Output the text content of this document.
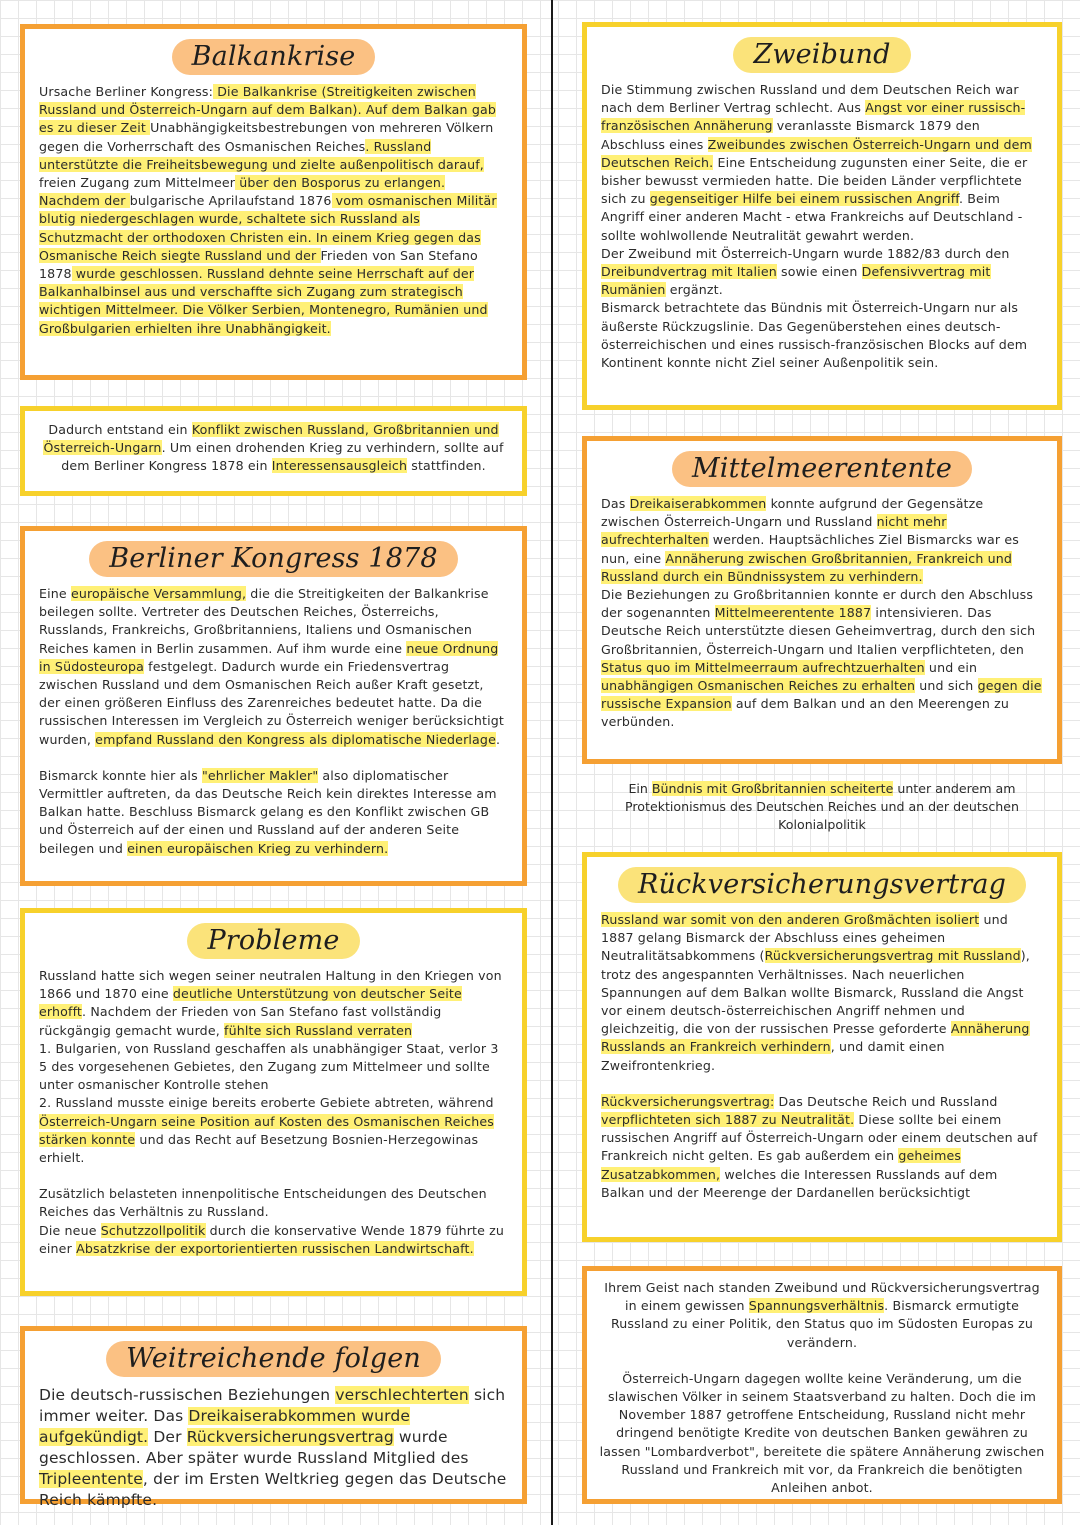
Balkankrise

Ursache Berliner Kongress: Die Balkankrise (Streitigkeiten zwischen Russland und Österreich-Ungarn auf dem Balkan). Auf dem Balkan gab es zu dieser Zeit Unabhängigkeitsbestrebungen von mehreren Völkern gegen die Vorherrschaft des Osmanischen Reiches. Russland unterstützte die Freiheitsbewegung und zielte außenpolitisch darauf, freien Zugang zum Mittelmeer über den Bosporus zu erlangen. Nachdem der bulgarische Aprilaufstand 1876 vom osmanischen Militär blutig niedergeschlagen wurde, schaltete sich Russland als Schutzmacht der orthodoxen Christen ein. In einem Krieg gegen das Osmanische Reich siegte Russland und der Frieden von San Stefano 1878 wurde geschlossen. Russland dehnte seine Herrschaft auf der Balkanhalbinsel aus und verschaffte sich Zugang zum strategisch wichtigen Mittelmeer. Die Völker Serbien, Montenegro, Rumänien und Großbulgarien erhielten ihre Unabhängigkeit.

Dadurch entstand ein Konflikt zwischen Russland, Großbritannien und Österreich-Ungarn. Um einen drohenden Krieg zu verhindern, sollte auf dem Berliner Kongress 1878 ein Interessensausgleich stattfinden.

Berliner Kongress 1878

Eine europäische Versammlung, die die Streitigkeiten der Balkankrise beilegen sollte. Vertreter des Deutschen Reiches, Österreichs, Russlands, Frankreichs, Großbritanniens, Italiens und Osmanischen Reiches kamen in Berlin zusammen. Auf ihm wurde eine neue Ordnung in Südosteuropa festgelegt. Dadurch wurde ein Friedensvertrag zwischen Russland und dem Osmanischen Reich außer Kraft gesetzt, der einen größeren Einfluss des Zarenreiches bedeutet hatte. Da die russischen Interessen im Vergleich zu Österreich weniger berücksichtigt wurden, empfand Russland den Kongress als diplomatische Niederlage.

Bismarck konnte hier als "ehrlicher Makler" also diplomatischer Vermittler auftreten, da das Deutsche Reich kein direktes Interesse am Balkan hatte. Beschluss Bismarck gelang es den Konflikt zwischen GB und Österreich auf der einen und Russland auf der anderen Seite beilegen und einen europäischen Krieg zu verhindern.

Probleme

Russland hatte sich wegen seiner neutralen Haltung in den Kriegen von 1866 und 1870 eine deutliche Unterstützung von deutscher Seite erhofft. Nachdem der Frieden von San Stefano fast vollständig rückgängig gemacht wurde, fühlte sich Russland verraten

1. Bulgarien, von Russland geschaffen als unabhängiger Staat, verlor 3 5 des vorgesehenen Gebietes, den Zugang zum Mittelmeer und sollte unter osmanischer Kontrolle stehen

2. Russland musste einige bereits eroberte Gebiete abtreten, während Österreich-Ungarn seine Position auf Kosten des Osmanischen Reiches stärken konnte und das Recht auf Besetzung Bosnien-Herzegowinas erhielt.

Zusätzlich belasteten innenpolitische Entscheidungen des Deutschen Reiches das Verhältnis zu Russland.

Die neue Schutzzollpolitik durch die konservative Wende 1879 führte zu einer Absatzkrise der exportorientierten russischen Landwirtschaft.

Weitreichende folgen

Die deutsch-russischen Beziehungen verschlechterten sich immer weiter. Das Dreikaiserabkommen wurde aufgekündigt. Der Rückversicherungsvertrag wurde geschlossen. Aber später wurde Russland Mitglied des Tripleentente, der im Ersten Weltkrieg gegen das Deutsche Reich kämpfte.

Zweibund

Die Stimmung zwischen Russland und dem Deutschen Reich war nach dem Berliner Vertrag schlecht. Aus Angst vor einer russisch-französischen Annäherung veranlasste Bismarck 1879 den Abschluss eines Zweibundes zwischen Österreich-Ungarn und dem Deutschen Reich. Eine Entscheidung zugunsten einer Seite, die er bisher bewusst vermieden hatte. Die beiden Länder verpflichtete sich zu gegenseitiger Hilfe bei einem russischen Angriff. Beim Angriff einer anderen Macht - etwa Frankreichs auf Deutschland - sollte wohlwollende Neutralität gewahrt werden.

Der Zweibund mit Österreich-Ungarn wurde 1882/83 durch den Dreibundvertrag mit Italien sowie einen Defensivvertrag mit Rumänien ergänzt.

Bismarck betrachtete das Bündnis mit Österreich-Ungarn nur als äußerste Rückzugslinie. Das Gegenüberstehen eines deutsch-österreichischen und eines russisch-französischen Blocks auf dem Kontinent konnte nicht Ziel seiner Außenpolitik sein.

Mittelmeerentente

Das Dreikaiserabkommen konnte aufgrund der Gegensätze zwischen Österreich-Ungarn und Russland nicht mehr aufrechterhalten werden. Hauptsächliches Ziel Bismarcks war es nun, eine Annäherung zwischen Großbritannien, Frankreich und Russland durch ein Bündnissystem zu verhindern.

Die Beziehungen zu Großbritannien konnte er durch den Abschluss der sogenannten Mittelmeerentente 1887 intensivieren. Das Deutsche Reich unterstützte diesen Geheimvertrag, durch den sich Großbritannien, Österreich-Ungarn und Italien verpflichteten, den Status quo im Mittelmeerraum aufrechtzuerhalten und ein unabhängigen Osmanischen Reiches zu erhalten und sich gegen die russische Expansion auf dem Balkan und an den Meerengen zu verbünden.

Ein Bündnis mit Großbritannien scheiterte unter anderem am Protektionismus des Deutschen Reiches und an der deutschen Kolonialpolitik

Rückversicherungsvertrag

Russland war somit von den anderen Großmächten isoliert und 1887 gelang Bismarck der Abschluss eines geheimen Neutralitätsabkommens (Rückversicherungsvertrag mit Russland), trotz des angespannten Verhältnisses. Nach neuerlichen Spannungen auf dem Balkan wollte Bismarck, Russland die Angst vor einem deutsch-österreichischen Angriff nehmen und gleichzeitig, die von der russischen Presse geforderte Annäherung Russlands an Frankreich verhindern, und damit einen Zweifrontenkrieg.

Rückversicherungsvertrag: Das Deutsche Reich und Russland verpflichteten sich 1887 zu Neutralität. Diese sollte bei einem russischen Angriff auf Österreich-Ungarn oder einem deutschen auf Frankreich nicht gelten. Es gab außerdem ein geheimes Zusatzabkommen, welches die Interessen Russlands auf dem Balkan und der Meerenge der Dardanellen berücksichtigt

Ihrem Geist nach standen Zweibund und Rückversicherungsvertrag in einem gewissen Spannungsverhältnis. Bismarck ermutigte Russland zu einer Politik, den Status quo im Südosten Europas zu verändern.

Österreich-Ungarn dagegen wollte keine Veränderung, um die slawischen Völker in seinem Staatsverband zu halten. Doch die im November 1887 getroffene Entscheidung, Russland nicht mehr dringend benötigte Kredite von deutschen Banken gewähren zu lassen "Lombardverbot", bereitete die spätere Annäherung zwischen Russland und Frankreich mit vor, da Frankreich die benötigten Anleihen anbot.
